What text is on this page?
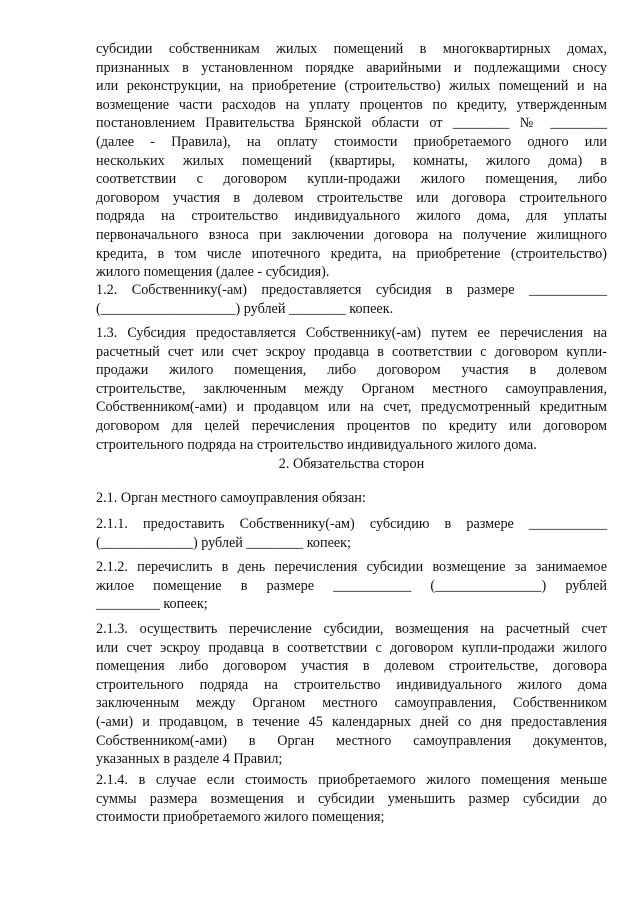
субсидии собственникам жилых помещений в многоквартирных домах,
признанных в установленном порядке аварийными и подлежащими сносу
или реконструкции, на приобретение (строительство) жилых помещений и на
возмещение части расходов на уплату процентов по кредиту, утвержденным
постановлением Правительства Брянской области от ________ № ________
(далее - Правила), на оплату стоимости приобретаемого одного или
нескольких жилых помещений (квартиры, комнаты, жилого дома) в
соответствии с договором купли-продажи жилого помещения, либо
договором участия в долевом строительстве или договора строительного
подряда на строительство индивидуального жилого дома, для уплаты
первоначального взноса при заключении договора на получение жилищного
кредита, в том числе ипотечного кредита, на приобретение (строительство)
жилого помещения (далее - субсидия).
1.2. Собственнику(-ам) предоставляется субсидия в размере ___________
(___________________) рублей ________ копеек.
1.3. Субсидия предоставляется Собственнику(-ам) путем ее перечисления на
расчетный счет или счет эскроу продавца в соответствии с договором купли-
продажи жилого помещения, либо договором участия в долевом
строительстве, заключенным между Органом местного самоуправления,
Собственником(-ами) и продавцом или на счет, предусмотренный кредитным
договором для целей перечисления процентов по кредиту или договором
строительного подряда на строительство индивидуального жилого дома.
2. Обязательства сторон
2.1. Орган местного самоуправления обязан:
2.1.1. предоставить Собственнику(-ам) субсидию в размере ___________
(_____________) рублей ________ копеек;
2.1.2. перечислить в день перечисления субсидии возмещение за занимаемое
жилое помещение в размере ___________ (_______________) рублей
_________ копеек;
2.1.3. осуществить перечисление субсидии, возмещения на расчетный счет
или счет эскроу продавца в соответствии с договором купли-продажи жилого
помещения либо договором участия в долевом строительстве, договора
строительного подряда на строительство индивидуального жилого дома
заключенным между Органом местного самоуправления, Собственником
(-ами) и продавцом, в течение 45 календарных дней со дня предоставления
Собственником(-ами) в Орган местного самоуправления документов,
указанных в разделе 4 Правил;
2.1.4. в случае если стоимость приобретаемого жилого помещения меньше
суммы размера возмещения и субсидии уменьшить размер субсидии до
стоимости приобретаемого жилого помещения;
